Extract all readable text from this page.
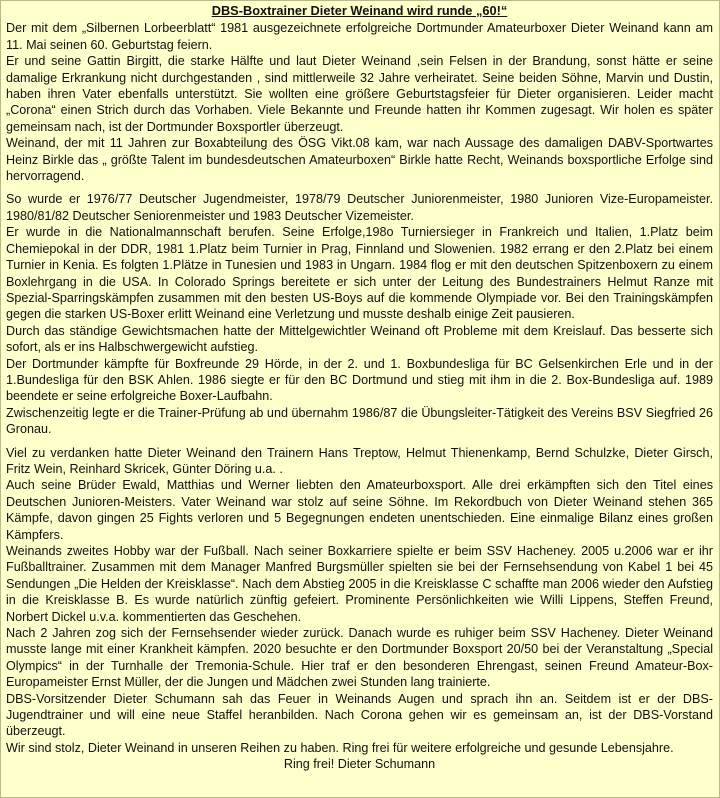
DBS-Boxtrainer Dieter Weinand wird runde „60!“

Der mit dem „Silbernen Lorbeerblatt“ 1981 ausgezeichnete erfolgreiche Dortmunder Amateurboxer Dieter Weinand kann am 11. Mai seinen 60. Geburtstag feiern.

Er und seine Gattin Birgitt, die starke Hälfte und laut Dieter Weinand ,sein Felsen in der Brandung, sonst hätte er seine damalige Erkrankung nicht durchgestanden , sind mittlerweile 32 Jahre verheiratet. Seine beiden Söhne, Marvin und Dustin, haben ihren Vater ebenfalls unterstützt. Sie wollten eine größere Geburtstagsfeier für Dieter organisieren. Leider macht „Corona“ einen Strich durch das Vorhaben. Viele Bekannte und Freunde hatten ihr Kommen zugesagt. Wir holen es später gemeinsam nach, ist der Dortmunder Boxsportler überzeugt.

Weinand, der mit 11 Jahren zur Boxabteilung des ÖSG Vikt.08 kam, war nach Aussage des damaligen DABV-Sportwartes Heinz Birkle das „ größte Talent im bundesdeutschen Amateurboxen“ Birkle hatte Recht, Weinands boxsportliche Erfolge sind hervorragend.

So wurde er 1976/77 Deutscher Jugendmeister, 1978/79 Deutscher Juniorenmeister, 1980 Junioren Vize-Europameister. 1980/81/82 Deutscher Seniorenmeister und 1983 Deutscher Vizemeister.

Er wurde in die Nationalmannschaft berufen. Seine Erfolge,198o Turniersieger in Frankreich und Italien, 1.Platz beim Chemiepokal in der DDR, 1981 1.Platz beim Turnier in Prag, Finnland und Slowenien. 1982 errang er den 2.Platz bei einem Turnier in Kenia. Es folgten 1.Plätze in Tunesien und 1983 in Ungarn. 1984 flog er mit den deutschen Spitzenboxern zu einem Boxlehrgang in die USA. In Colorado Springs bereitete er sich unter der Leitung des Bundestrainers Helmut Ranze mit Spezial-Sparringskämpfen zusammen mit den besten US-Boys auf die kommende Olympiade vor. Bei den Trainingskämpfen gegen die starken US-Boxer erlitt Weinand eine Verletzung und musste deshalb einige Zeit pausieren.

Durch das ständige Gewichtsmachen hatte der Mittelgewichtler Weinand oft Probleme mit dem Kreislauf. Das besserte sich sofort, als er ins Halbschwergewicht aufstieg.

Der Dortmunder kämpfte für Boxfreunde 29 Hörde, in der 2. und 1. Boxbundesliga für BC Gelsenkirchen Erle und in der 1.Bundesliga für den BSK Ahlen. 1986 siegte er für den BC Dortmund und stieg mit ihm in die 2. Box-Bundesliga auf. 1989 beendete er seine erfolgreiche Boxer-Laufbahn.

Zwischenzeitig legte er die Trainer-Prüfung ab und übernahm 1986/87 die Übungsleiter-Tätigkeit des Vereins BSV Siegfried 26 Gronau.

Viel zu verdanken hatte Dieter Weinand den Trainern Hans Treptow, Helmut Thienenkamp, Bernd Schulzke, Dieter Girsch, Fritz Wein, Reinhard Skricek, Günter Döring u.a. .

Auch seine Brüder Ewald, Matthias und Werner liebten den Amateurboxsport. Alle drei erkämpften sich den Titel eines Deutschen Junioren-Meisters. Vater Weinand war stolz auf seine Söhne. Im Rekordbuch von Dieter Weinand stehen 365 Kämpfe, davon gingen 25 Fights verloren und 5 Begegnungen endeten unentschieden. Eine einmalige Bilanz eines großen Kämpfers.

Weinands zweites Hobby war der Fußball. Nach seiner Boxkarriere spielte er beim SSV Hacheney. 2005 u.2006 war er ihr Fußballtrainer. Zusammen mit dem Manager Manfred Burgsmüller spielten sie bei der Fernsehsendung von Kabel 1 bei 45 Sendungen „Die Helden der Kreisklasse“. Nach dem Abstieg 2005 in die Kreisklasse C schaffte man 2006 wieder den Aufstieg in die Kreisklasse B. Es wurde natürlich zünftig gefeiert. Prominente Persönlichkeiten wie Willi Lippens, Steffen Freund, Norbert Dickel u.v.a. kommentierten das Geschehen.

Nach 2 Jahren zog sich der Fernsehsender wieder zurück. Danach wurde es ruhiger beim SSV Hacheney. Dieter Weinand musste lange mit einer Krankheit kämpfen. 2020 besuchte er den Dortmunder Boxsport 20/50 bei der Veranstaltung „Special Olympics“ in der Turnhalle der Tremonia-Schule. Hier traf er den besonderen Ehrengast, seinen Freund Amateur-Box-Europameister Ernst Müller, der die Jungen und Mädchen zwei Stunden lang trainierte.

DBS-Vorsitzender Dieter Schumann sah das Feuer in Weinands Augen und sprach ihn an. Seitdem ist er der DBS-Jugendtrainer und will eine neue Staffel heranbilden. Nach Corona gehen wir es gemeinsam an, ist der DBS-Vorstand überzeugt.

Wir sind stolz, Dieter Weinand in unseren Reihen zu haben. Ring frei für weitere erfolgreiche und gesunde Lebensjahre.

Ring frei! Dieter Schumann
